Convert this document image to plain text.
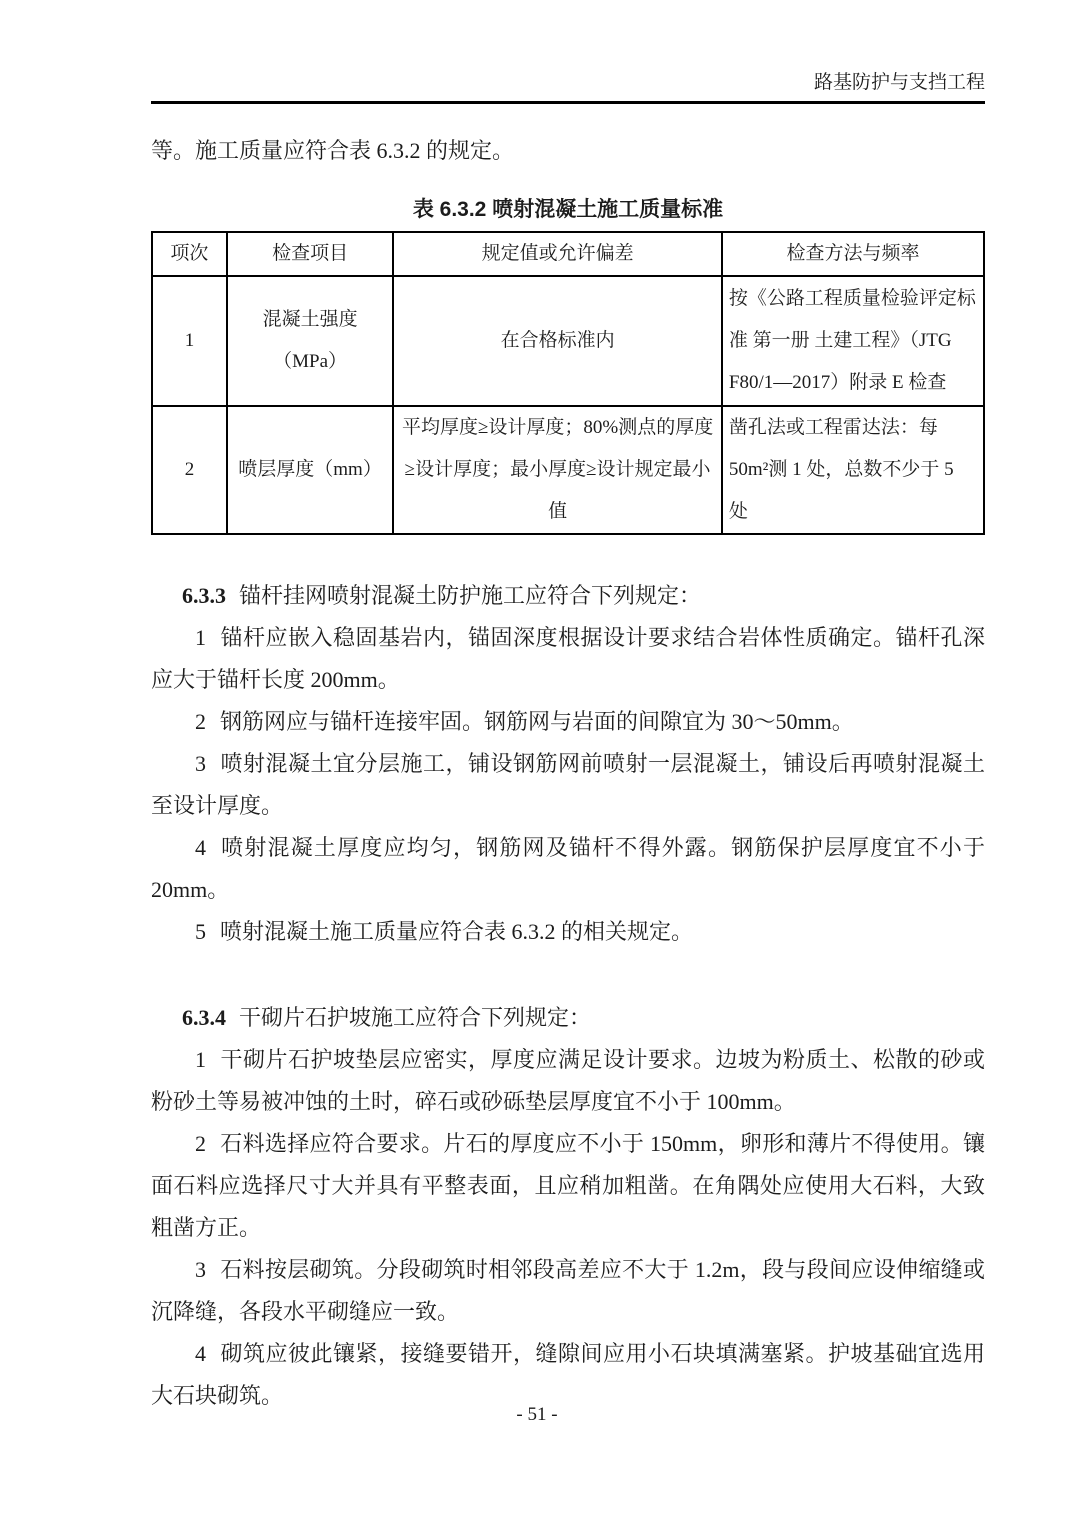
路基防护与支挡工程

等。施工质量应符合表 6.3.2 的规定。

表 6.3.2 喷射混凝土施工质量标准
项次	检查项目	规定值或允许偏差	检查方法与频率
1	混凝土强度（MPa）	在合格标准内	按《公路工程质量检验评定标准 第一册 土建工程》（JTG F80/1—2017）附录 E 检查
2	喷层厚度（mm）	平均厚度≥设计厚度；80%测点的厚度≥设计厚度；最小厚度≥设计规定最小值	凿孔法或工程雷达法：每 50m²测 1 处，总数不少于 5 处

6.3.3 锚杆挂网喷射混凝土防护施工应符合下列规定：

1 锚杆应嵌入稳固基岩内，锚固深度根据设计要求结合岩体性质确定。锚杆孔深应大于锚杆长度 200mm。

2 钢筋网应与锚杆连接牢固。钢筋网与岩面的间隙宜为 30～50mm。

3 喷射混凝土宜分层施工，铺设钢筋网前喷射一层混凝土，铺设后再喷射混凝土至设计厚度。

4 喷射混凝土厚度应均匀，钢筋网及锚杆不得外露。钢筋保护层厚度宜不小于 20mm。

5 喷射混凝土施工质量应符合表 6.3.2 的相关规定。

6.3.4 干砌片石护坡施工应符合下列规定：

1 干砌片石护坡垫层应密实，厚度应满足设计要求。边坡为粉质土、松散的砂或粉砂土等易被冲蚀的土时，碎石或砂砾垫层厚度宜不小于 100mm。

2 石料选择应符合要求。片石的厚度应不小于 150mm，卵形和薄片不得使用。镶面石料应选择尺寸大并具有平整表面，且应稍加粗凿。在角隅处应使用大石料，大致粗凿方正。

3 石料按层砌筑。分段砌筑时相邻段高差应不大于 1.2m，段与段间应设伸缩缝或沉降缝，各段水平砌缝应一致。

4 砌筑应彼此镶紧，接缝要错开，缝隙间应用小石块填满塞紧。护坡基础宜选用大石块砌筑。

- 51 -
